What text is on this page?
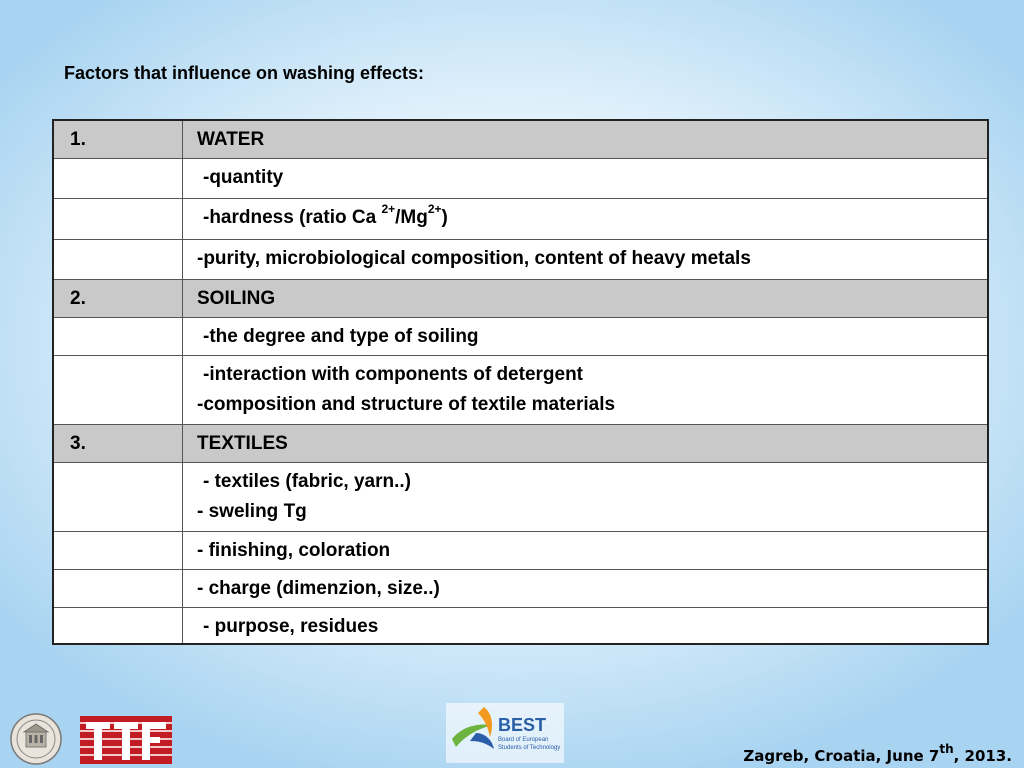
Factors that influence on washing effects:
1.	WATER

	-quantity

	-hardness (ratio Ca $^{2+}/Mg^{2+}$)

	-purity, microbiological composition, content of heavy metals

2.	SOILING

	-the degree and type of soiling

	-interaction with components of detergent
-composition and structure of textile materials

3.	TEXTILES

	- textiles (fabric, yarn..)
- sweling Tg

	- finishing, coloration

	- charge (dimenzion, size..)

	- purpose, residues
BEST
Board of European
Students of Technology	Zagreb, Croatia, June 7th, 2013.
